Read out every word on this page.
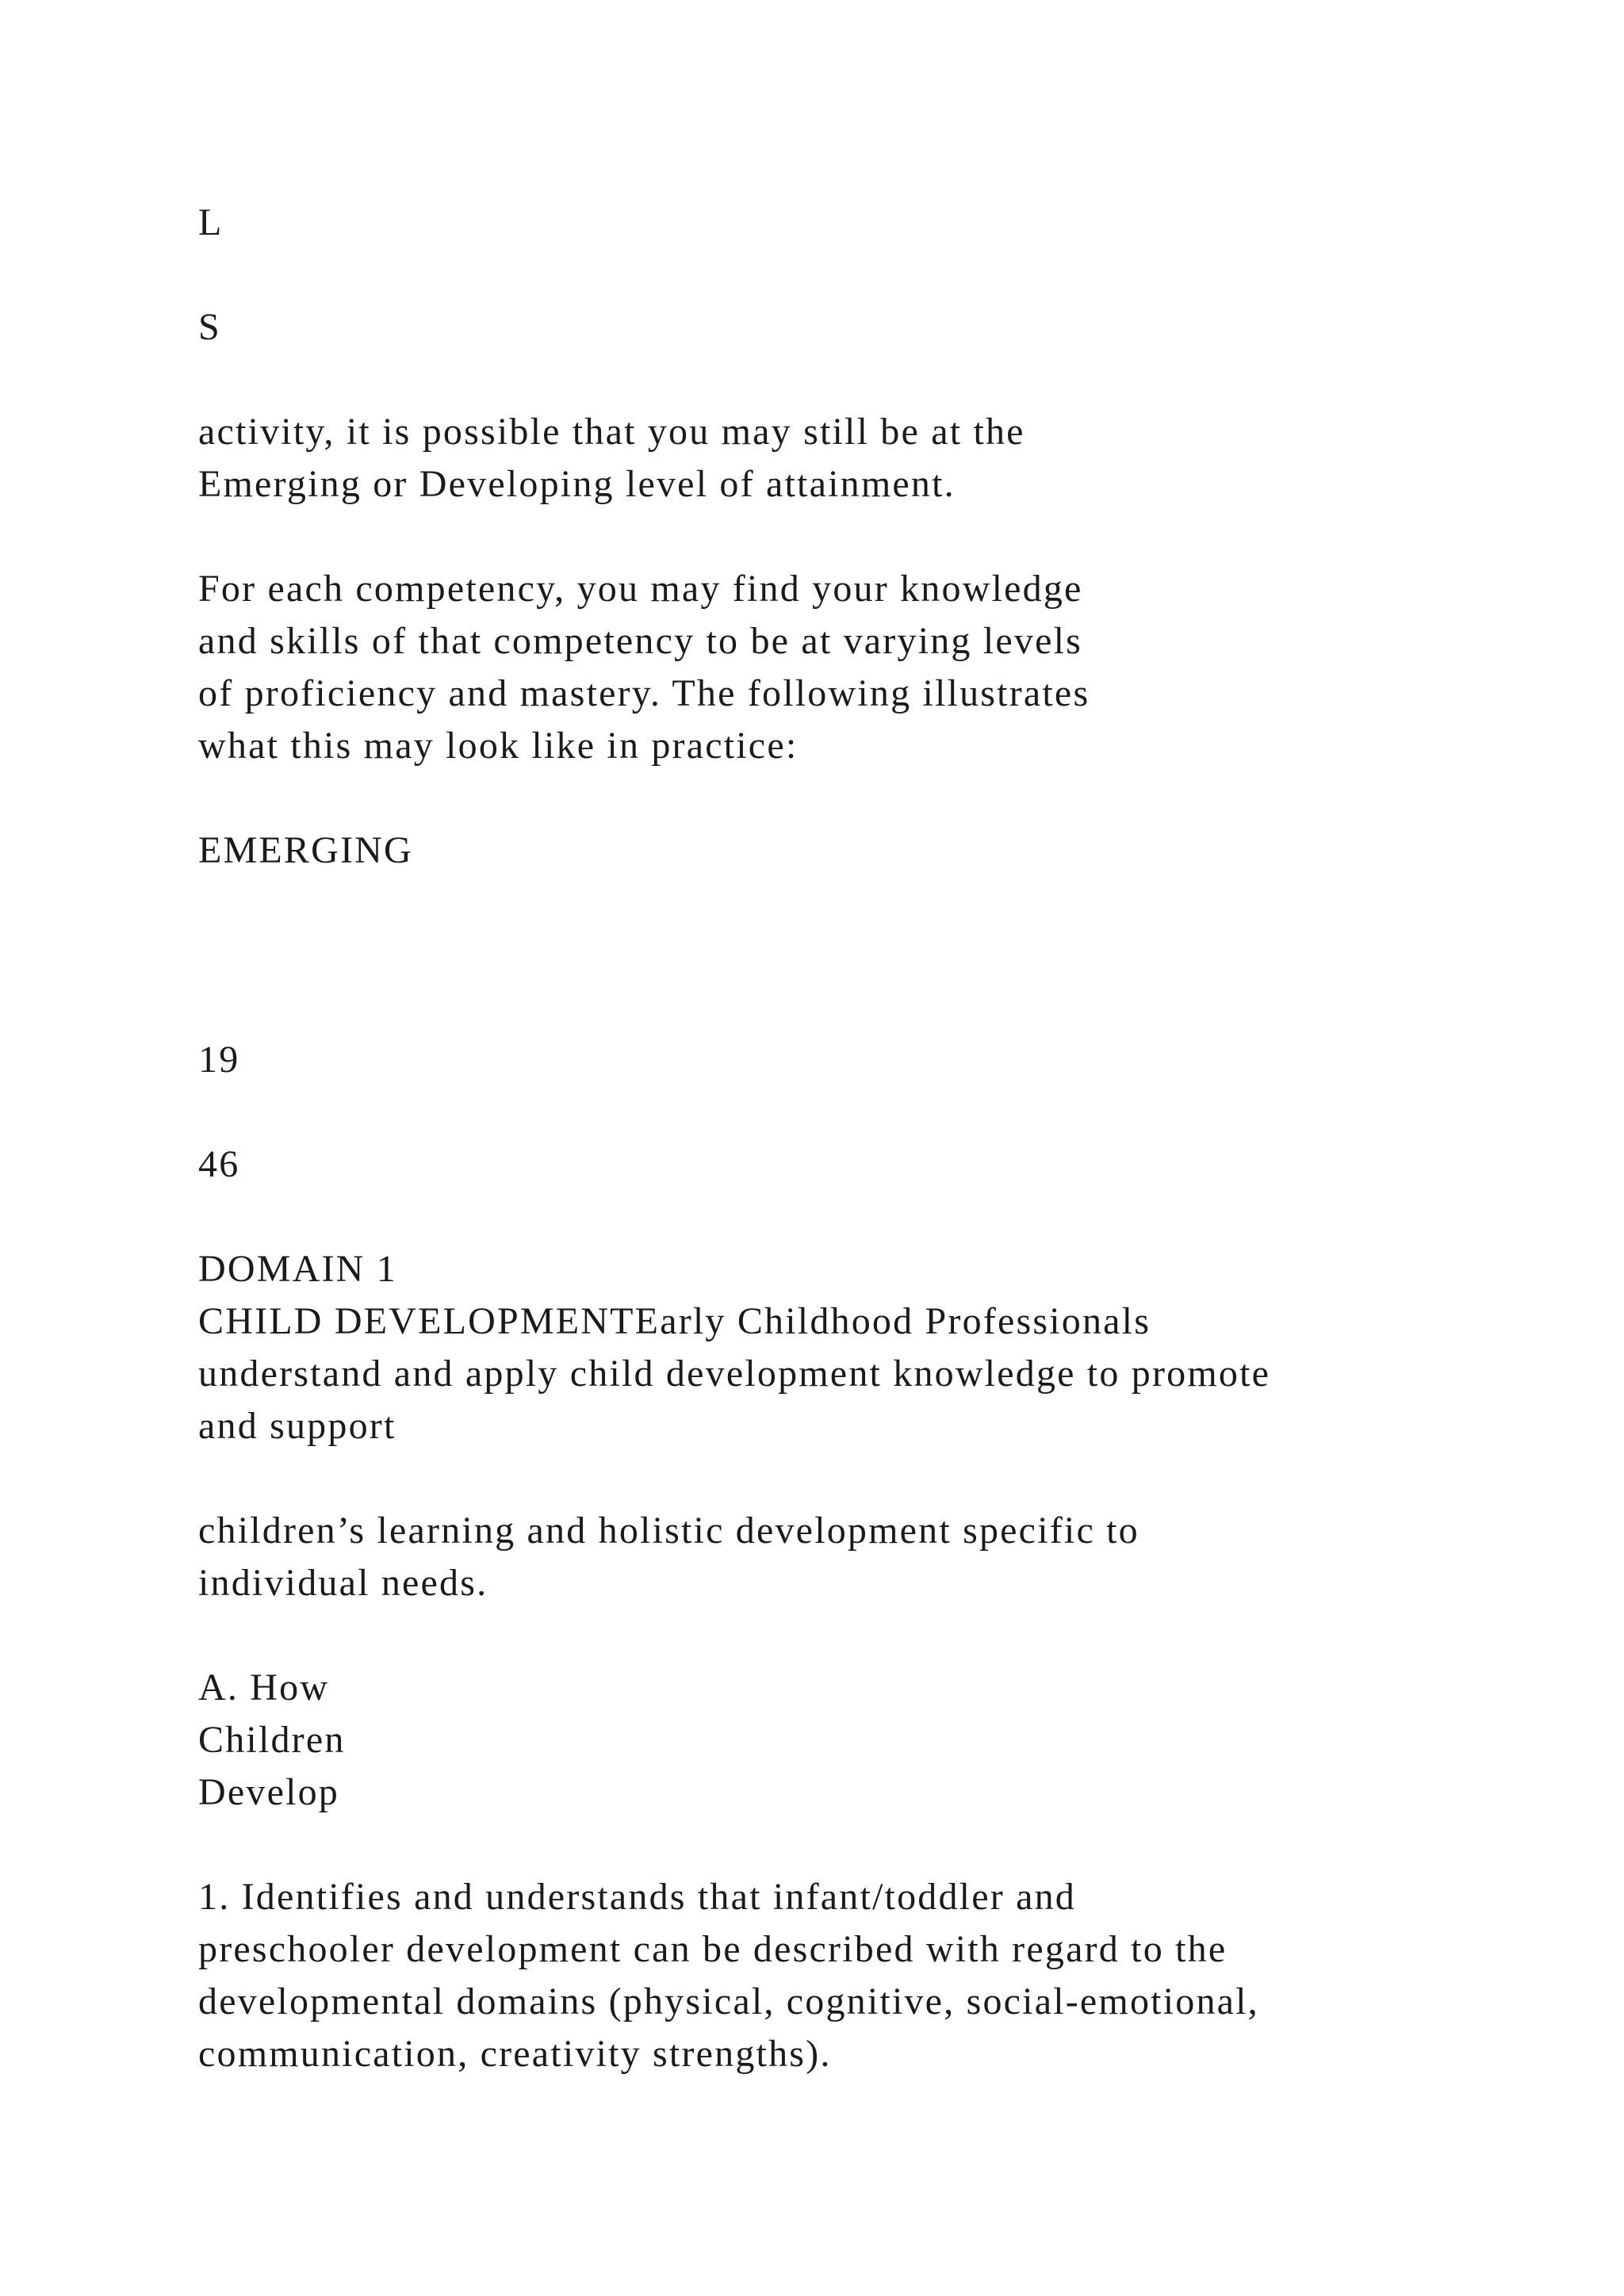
L

S

activity, it is possible that you may still be at the

Emerging or Developing level of attainment.

For each competency, you may find your knowledge

and skills of that competency to be at varying levels

of proficiency and mastery. The following illustrates

what this may look like in practice:

EMERGING

19

46

DOMAIN 1

CHILD DEVELOPMENTEarly Childhood Professionals

understand and apply child development knowledge to promote

and support

children’s learning and holistic development specific to

individual needs.

A. How

Children

Develop

1. Identifies and understands that infant/toddler and

preschooler development can be described with regard to the

developmental domains (physical, cognitive, social-emotional,

communication, creativity strengths).
